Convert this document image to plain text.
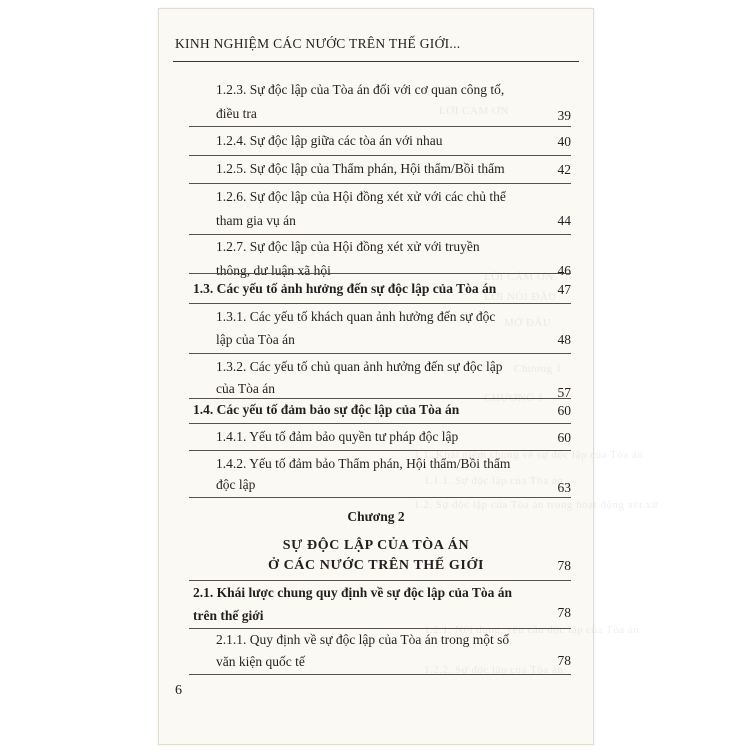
LỜI CẢM ƠN
LỜI CẢM ƠN
LỜI NÓI ĐẦU
MỞ ĐẦU
Chương 1
CHƯƠNG 1
1.1. Khái niệm chung về sự độc lập của Tòa án
1.1.1. Sự độc lập của Tòa án
1.2. Sự độc lập của Tòa án trong hoạt động xét xử
1.2.1. Nội dung, yêu cầu độc lập của Tòa án
1.2.2. Sự độc lập của Tòa án
KINH NGHIỆM CÁC NƯỚC TRÊN THẾ GIỚI...
1.2.3. Sự độc lập của Tòa án đối với cơ quan công tố,
điều tra	39
1.2.4. Sự độc lập giữa các tòa án với nhau	40
1.2.5. Sự độc lập của Thẩm phán, Hội thẩm/Bồi thẩm	42
1.2.6. Sự độc lập của Hội đồng xét xử với các chủ thể
tham gia vụ án	44
1.2.7. Sự độc lập của Hội đồng xét xử với truyền
thông, dư luận xã hội	46
1.3. Các yếu tố ảnh hưởng đến sự độc lập của Tòa án	47
1.3.1. Các yếu tố khách quan ảnh hưởng đến sự độc
lập của Tòa án	48
1.3.2. Các yếu tố chủ quan ảnh hưởng đến sự độc lập
của Tòa án	57
1.4. Các yếu tố đảm bảo sự độc lập của Tòa án	60
1.4.1. Yếu tố đảm bảo quyền tư pháp độc lập	60
1.4.2. Yếu tố đảm bảo Thẩm phán, Hội thẩm/Bồi thẩm
độc lập	63
Chương 2
SỰ ĐỘC LẬP CỦA TÒA ÁN
Ở CÁC NƯỚC TRÊN THẾ GIỚI	78
2.1. Khái lược chung quy định về sự độc lập của Tòa án
trên thế giới	78
2.1.1. Quy định về sự độc lập của Tòa án trong một số
văn kiện quốc tế	78
6
